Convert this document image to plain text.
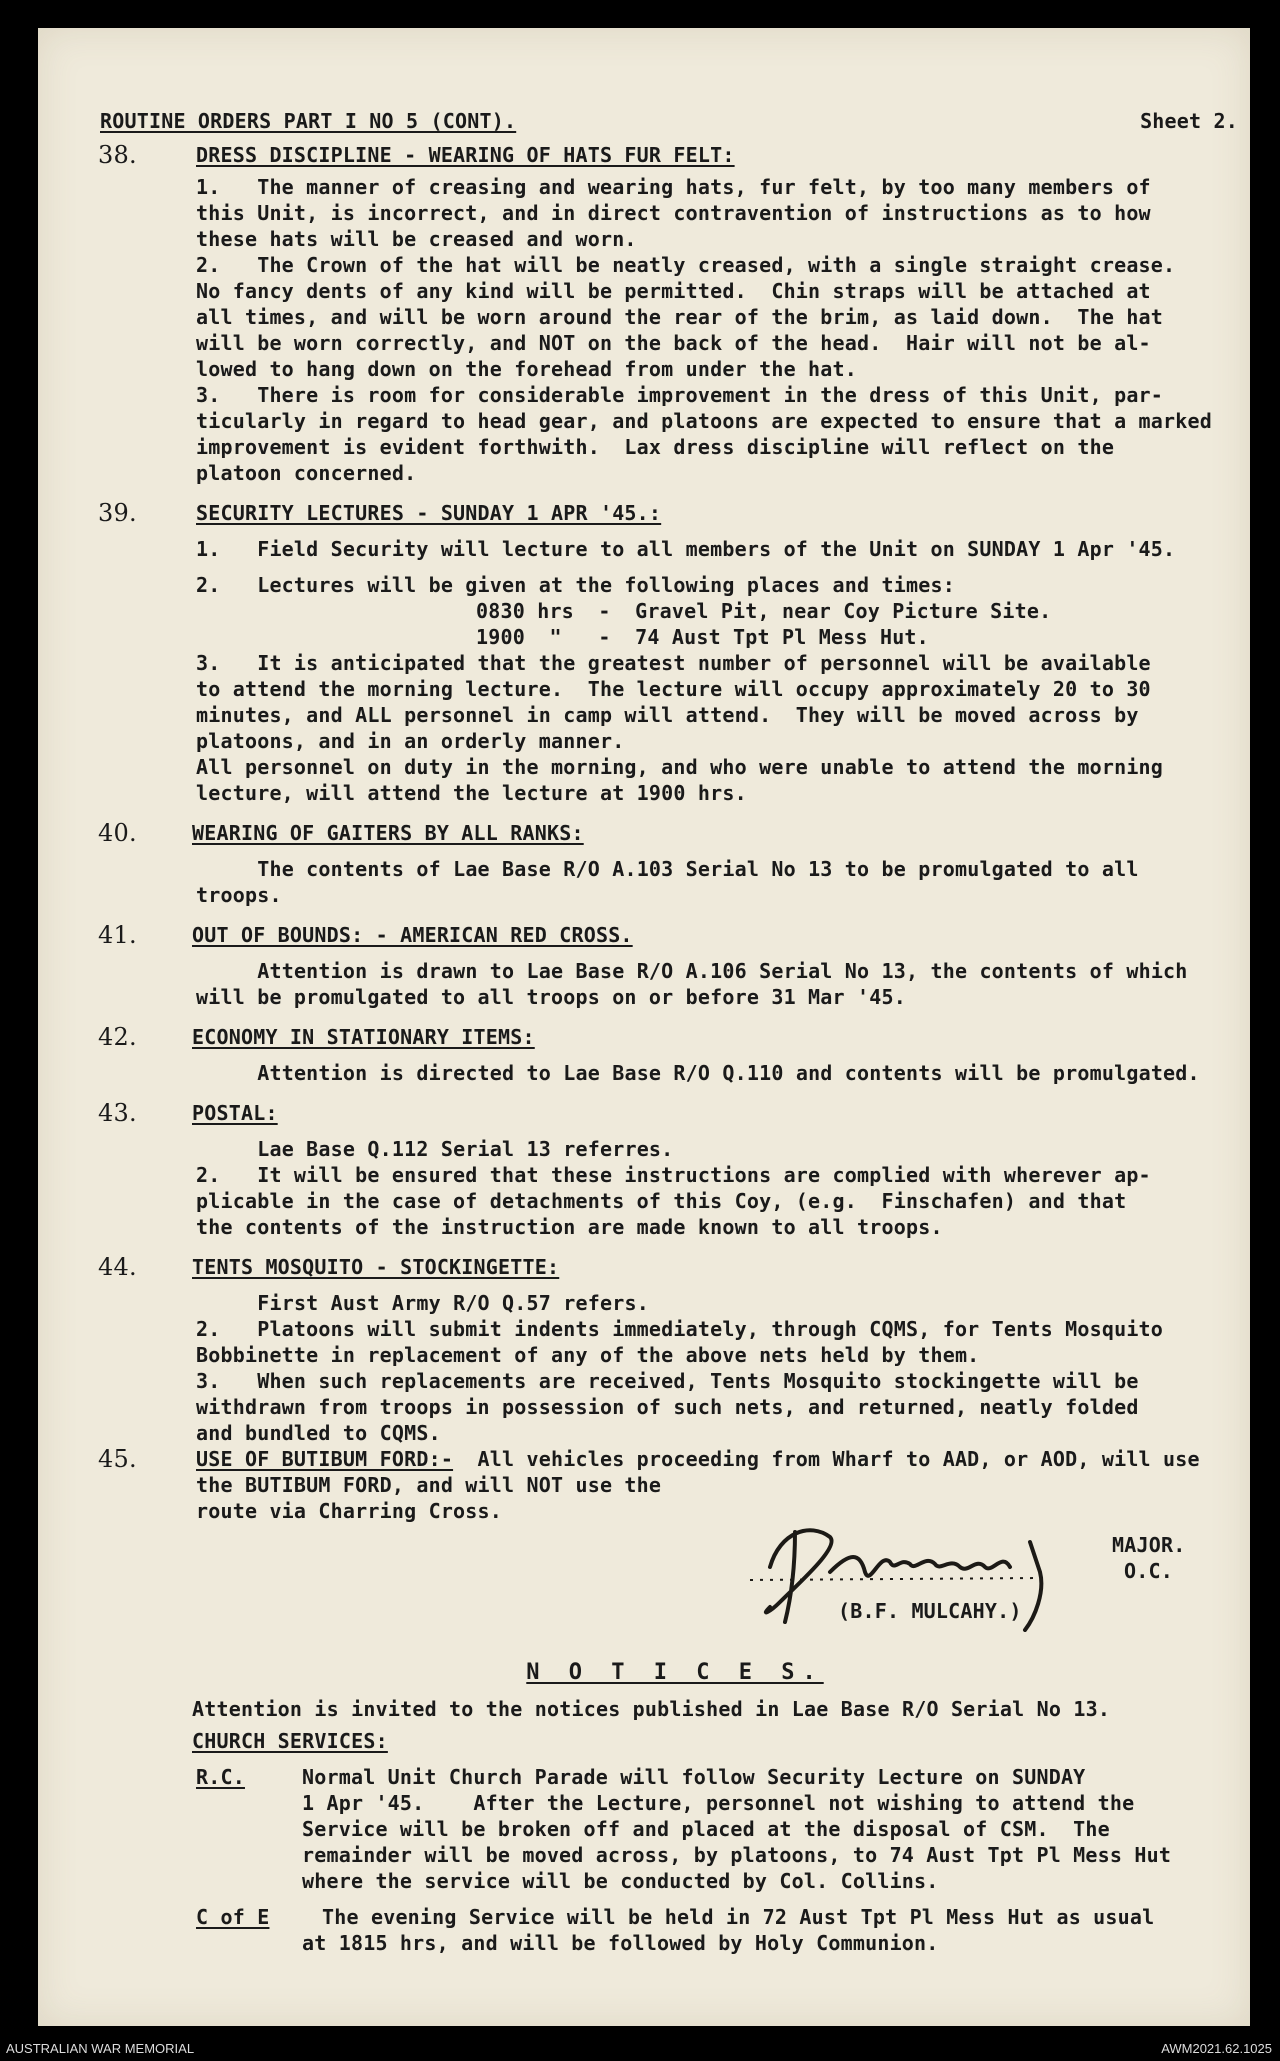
ROUTINE ORDERS PART I NO 5 (CONT).	Sheet 2.
38.	DRESS DISCIPLINE - WEARING OF HATS FUR FELT:
1.   The manner of creasing and wearing hats, fur felt, by too many members of
this Unit, is incorrect, and in direct contravention of instructions as to how
these hats will be creased and worn.
2.   The Crown of the hat will be neatly creased, with a single straight crease.
No fancy dents of any kind will be permitted.  Chin straps will be attached at
all times, and will be worn around the rear of the brim, as laid down.  The hat
will be worn correctly, and NOT on the back of the head.  Hair will not be al-
lowed to hang down on the forehead from under the hat.
3.   There is room for considerable improvement in the dress of this Unit, par-
ticularly in regard to head gear, and platoons are expected to ensure that a marked
improvement is evident forthwith.  Lax dress discipline will reflect on the
platoon concerned.
39.	SECURITY LECTURES - SUNDAY 1 APR '45.:
1.   Field Security will lecture to all members of the Unit on SUNDAY 1 Apr '45.
2.   Lectures will be given at the following places and times:
0830 hrs  -  Gravel Pit, near Coy Picture Site.
1900  "   -  74 Aust Tpt Pl Mess Hut.
3.   It is anticipated that the greatest number of personnel will be available
to attend the morning lecture.  The lecture will occupy approximately 20 to 30
minutes, and ALL personnel in camp will attend.  They will be moved across by
platoons, and in an orderly manner.
All personnel on duty in the morning, and who were unable to attend the morning
lecture, will attend the lecture at 1900 hrs.
40.	WEARING OF GAITERS BY ALL RANKS:
The contents of Lae Base R/O A.103 Serial No 13 to be promulgated to all
troops.
41.	OUT OF BOUNDS: - AMERICAN RED CROSS.
Attention is drawn to Lae Base R/O A.106 Serial No 13, the contents of which
will be promulgated to all troops on or before 31 Mar '45.
42.	ECONOMY IN STATIONARY ITEMS:
Attention is directed to Lae Base R/O Q.110 and contents will be promulgated.
43.	POSTAL:
Lae Base Q.112 Serial 13 referres.
2.   It will be ensured that these instructions are complied with wherever ap-
plicable in the case of detachments of this Coy, (e.g.  Finschafen) and that
the contents of the instruction are made known to all troops.
44.	TENTS MOSQUITO - STOCKINGETTE:
First Aust Army R/O Q.57 refers.
2.   Platoons will submit indents immediately, through CQMS, for Tents Mosquito
Bobbinette in replacement of any of the above nets held by them.
3.   When such replacements are received, Tents Mosquito stockingette will be
withdrawn from troops in possession of such nets, and returned, neatly folded
and bundled to CQMS.
45.	USE OF BUTIBUM FORD:-  All vehicles proceeding from Wharf to AAD, or AOD, will use
the BUTIBUM FORD, and will NOT use the
route via Charring Cross.
MAJOR.
O.C.
(B.F. MULCAHY.)
N O T I C E S.
Attention is invited to the notices published in Lae Base R/O Serial No 13.
CHURCH SERVICES:
R.C.	Normal Unit Church Parade will follow Security Lecture on SUNDAY
1 Apr '45.    After the Lecture, personnel not wishing to attend the
Service will be broken off and placed at the disposal of CSM.  The
remainder will be moved across, by platoons, to 74 Aust Tpt Pl Mess Hut
where the service will be conducted by Col. Collins.
C of E	The evening Service will be held in 72 Aust Tpt Pl Mess Hut as usual
at 1815 hrs, and will be followed by Holy Communion.
AUSTRALIAN WAR MEMORIAL	AWM2021.62.1025
